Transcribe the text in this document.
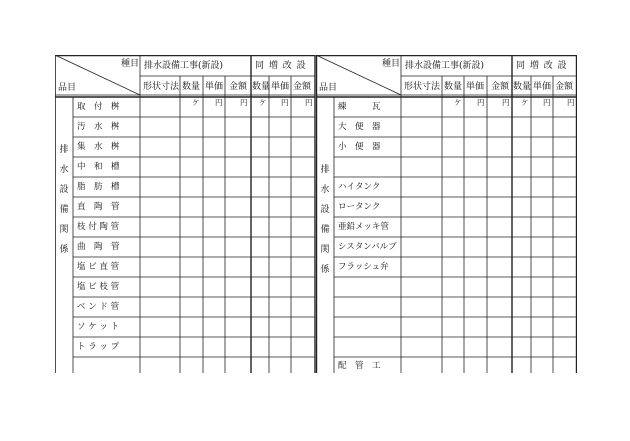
種目
品目
排水設備工事(新設)	同 増 改 設
形状寸法 数量 単価 金額 数量 単価 金額
ケ 円 円 ケ 円 円
排
水
設
備
関
係
取　付　桝
汚　水　桝
集　水　桝
中　和　槽
脂　肪　槽
直　陶　管
枝 付 陶 管
曲　陶　管
塩 ビ 直 管
塩 ビ 枝 管
ベ ン ド 管
ソ ケ ッ ト
ト ラ ッ プ
種目
品目
排水設備工事(新設)	同 増 改 設
形状寸法 数量 単価 金額 数量 単価 金額
ケ 円 円 ケ 円 円
排
水
設
備
関
係
練　　　瓦
大　便　器
小　便　器
ハイタンク
ロータンク
亜鉛メッキ管
シスタンバルブ
フラッシュ弁
配　管　工
